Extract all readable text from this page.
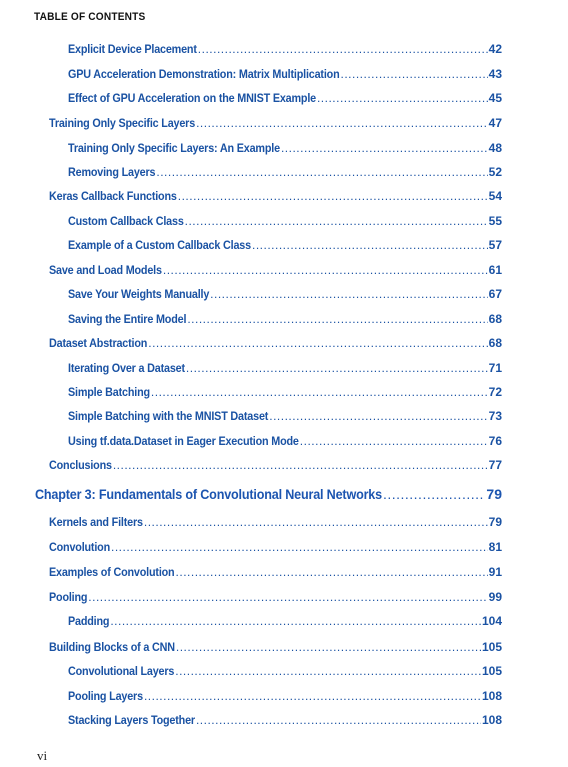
TABLE OF CONTENTS
Explicit Device Placement .....	42
GPU Acceleration Demonstration: Matrix Multiplication .....	43
Effect of GPU Acceleration on the MNIST Example .....	45
Training Only Specific Layers .....	47
Training Only Specific Layers: An Example .....	48
Removing Layers .....	52
Keras Callback Functions .....	54
Custom Callback Class .....	55
Example of a Custom Callback Class .....	57
Save and Load Models .....	61
Save Your Weights Manually .....	67
Saving the Entire Model .....	68
Dataset Abstraction .....	68
Iterating Over a Dataset .....	71
Simple Batching .....	72
Simple Batching with the MNIST Dataset .....	73
Using tf.data.Dataset in Eager Execution Mode .....	76
Conclusions .....	77
Chapter 3: Fundamentals of Convolutional Neural Networks .....	79
Kernels and Filters .....	79
Convolution .....	81
Examples of Convolution .....	91
Pooling .....	99
Padding .....	104
Building Blocks of a CNN .....	105
Convolutional Layers .....	105
Pooling Layers .....	108
Stacking Layers Together .....	108
vi
